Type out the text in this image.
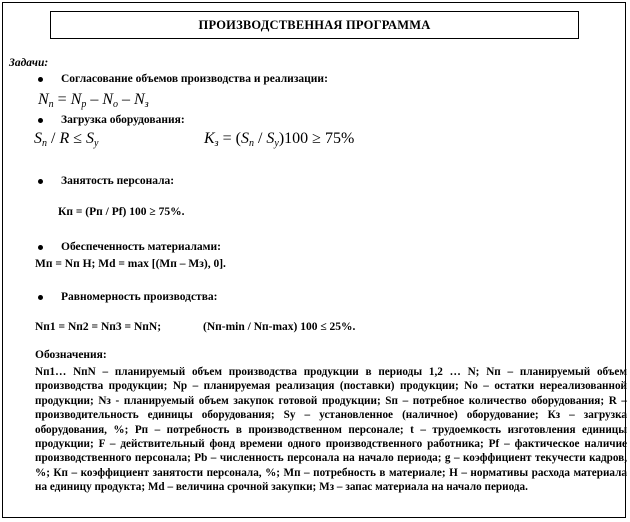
ПРОИЗВОДСТВЕННАЯ ПРОГРАММА
Задачи:
Согласование объемов производства и реализации:
$N_п = N_р - N_о - N_з$
Загрузка оборудования:
$S_п / R \le S_у$	$K_з = (S_п / S_у)100 \ge 75\%$
Занятость персонала:
Кп = (Рп / Рf) 100 ≥ 75%.
Обеспеченность материалами:
Мп = Nп Н; Md = max [(Мп – Мз), 0].
Равномерность производства:
Nп1 = Nп2 = Nп3 = NпN;	(Nп-min / Nп-max) 100 ≤ 25%.
Обозначения:
Nп1… NпN – планируемый объем производства продукции в периоды 1,2 … N; Nп – планируемый объем производства продукции; Np – планируемая реализация (поставки) продукции; Nо – остатки нереализованной продукции; Nз - планируемый объем закупок готовой продукции; Sп – потребное количество оборудования; R – производительность единицы оборудования; Sу – установленное (наличное) оборудование; Кз – загрузка оборудования, %; Рп – потребность в производственном персонале; t – трудоемкость изготовления единицы продукции; F – действительный фонд времени одного производственного работника; Рf – фактическое наличие производственного персонала; Рb – численность персонала на начало периода; g – коэффициент текучести кадров, %; Кп – коэффициент занятости персонала, %; Мп – потребность в материале; Н – нормативы расхода материала на единицу продукта; Мd – величина срочной закупки; Мз – запас материала на начало периода.
